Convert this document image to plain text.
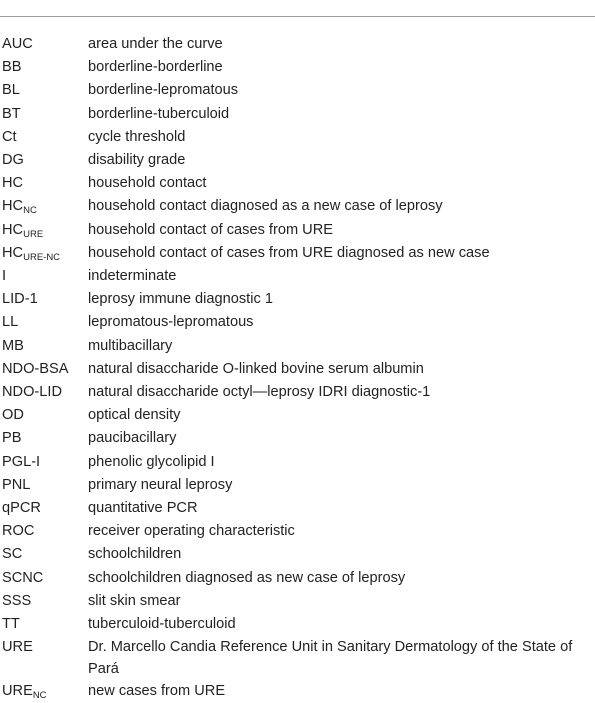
AUC	area under the curve
BB	borderline-borderline
BL	borderline-lepromatous
BT	borderline-tuberculoid
Ct	cycle threshold
DG	disability grade
HC	household contact
$HC_{NC}$	household contact diagnosed as a new case of leprosy
$HC_{URE}$	household contact of cases from URE
$HC_{URE-NC}$	household contact of cases from URE diagnosed as new case
I	indeterminate
LID-1	leprosy immune diagnostic 1
LL	lepromatous-lepromatous
MB	multibacillary
NDO-BSA	natural disaccharide O-linked bovine serum albumin
NDO-LID	natural disaccharide octyl—leprosy IDRI diagnostic-1
OD	optical density
PB	paucibacillary
PGL-I	phenolic glycolipid I
PNL	primary neural leprosy
qPCR	quantitative PCR
ROC	receiver operating characteristic
SC	schoolchildren
SCNC	schoolchildren diagnosed as new case of leprosy
SSS	slit skin smear
TT	tuberculoid-tuberculoid
URE	Dr. Marcello Candia Reference Unit in Sanitary Dermatology of the State of Pará
$URE_{NC}$	new cases from URE
